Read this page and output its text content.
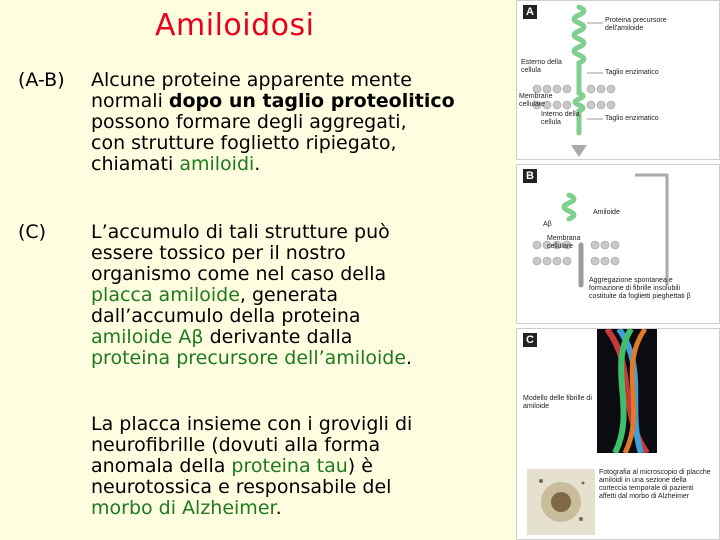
Amiloidosi
(A-B) Alcune proteine apparente mente
normali dopo un taglio proteolitico
possono formare degli aggregati,
con strutture foglietto ripiegato,
chiamati amiloidi.
(C) L’accumulo di tali strutture può
essere tossico per il nostro
organismo come nel caso della
placca amiloide, generata
dall’accumulo della proteina
amiloide Aβ derivante dalla
proteina precursore dell’amiloide.
La placca insieme con i grovigli di
neurofibrille (dovuti alla forma
anomala della proteina tau) è
neurotossica e responsabile del
morbo di Alzheimer.
A
Proteina precursore dell'amiloide
Esterno della cellula	Taglio enzimatico
Membrane cellulare
Interno della cellula
Taglio enzimatico
B
Amiloide
Aβ
Membrana cellulare
Aggregazione spontanea e formazione di fibrille insolubili costituite da foglietti pieghettati β
C
Modello delle fibrille di amiloide
Fotografia al microscopio di placche amiloidi in una sezione della corteccia temporale di pazienti affetti dal morbo di Alzheimer
